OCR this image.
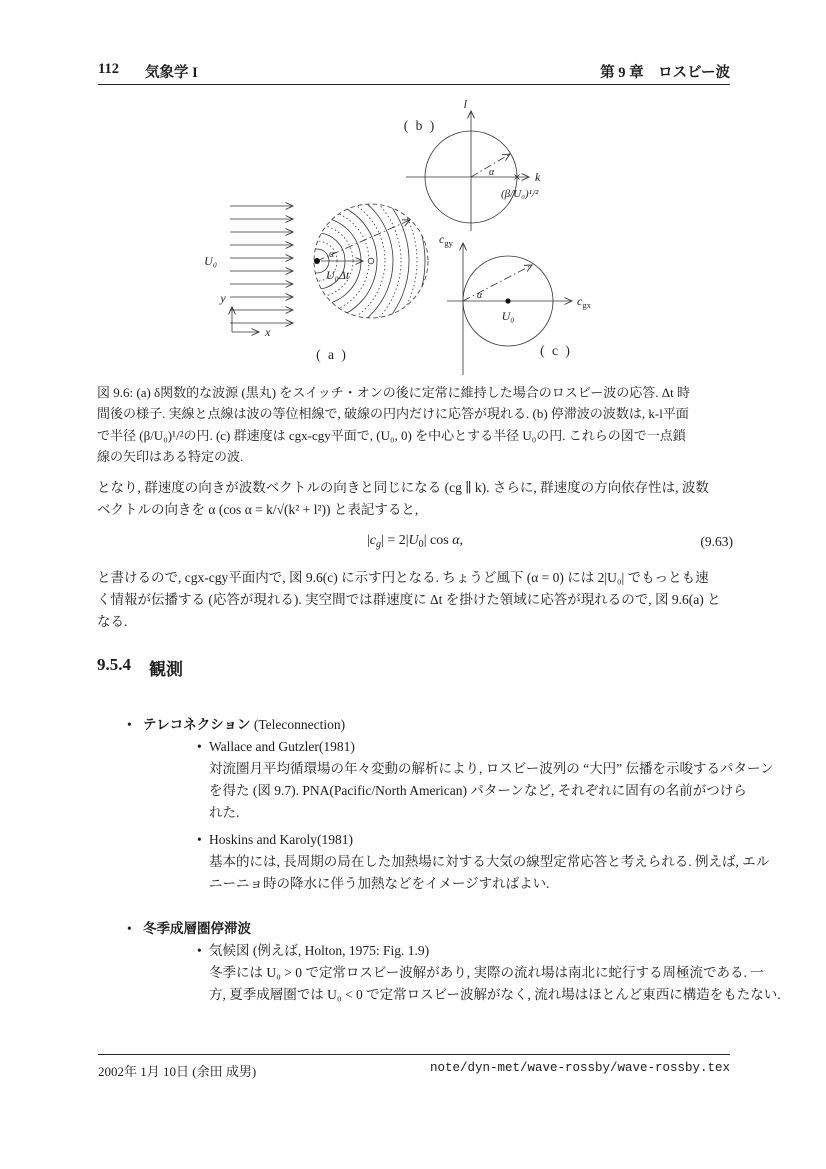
112 気象学 I	第 9 章　ロスビー波
U₀
y
x
α
U₀Δt
( a )
( b )
l
k
(β/U₀)¹/²
α
cgy
cgx
U₀
α
( c )
図 9.6: (a) δ関数的な波源 (黒丸) をスイッチ・オンの後に定常に維持した場合のロスビー波の応答. Δt 時
間後の様子. 実線と点線は波の等位相線で, 破線の円内だけに応答が現れる. (b) 停滞波の波数は, k-l平面
で半径 (β/U₀)¹/²の円. (c) 群速度は cgx-cgy平面で, (U₀, 0) を中心とする半径 U₀の円. これらの図で一点鎖
線の矢印はある特定の波.
となり, 群速度の向きが波数ベクトルの向きと同じになる (cg ∥ k). さらに, 群速度の方向依存性は, 波数
ベクトルの向きを α (cos α = k/√(k² + l²)) と表記すると,
$|c_g| = 2|U_0|$ cos α,	(9.63)
と書けるので, cgx-cgy平面内で, 図 9.6(c) に示す円となる. ちょうど風下 (α = 0) には 2|U₀| でもっとも速
く情報が伝播する (応答が現れる). 実空間では群速度に Δt を掛けた領域に応答が現れるので, 図 9.6(a) と
なる.
9.5.4 観測
• テレコネクション (Teleconnection)
• Wallace and Gutzler(1981)
対流圏月平均循環場の年々変動の解析により, ロスビー波列の “大円” 伝播を示唆するパターン
を得た (図 9.7). PNA(Pacific/North American) パターンなど, それぞれに固有の名前がつけら
れた.
• Hoskins and Karoly(1981)
基本的には, 長周期の局在した加熱場に対する大気の線型定常応答と考えられる. 例えば, エル
ニーニョ時の降水に伴う加熱などをイメージすればよい.
• 冬季成層圏停滞波
• 気候図 (例えば, Holton, 1975: Fig. 1.9)
冬季には U₀ > 0 で定常ロスビー波解があり, 実際の流れ場は南北に蛇行する周極流である. 一
方, 夏季成層圏では U₀ < 0 で定常ロスビー波解がなく, 流れ場はほとんど東西に構造をもたない.
2002年 1月 10日 (余田 成男)	note/dyn-met/wave-rossby/wave-rossby.tex
